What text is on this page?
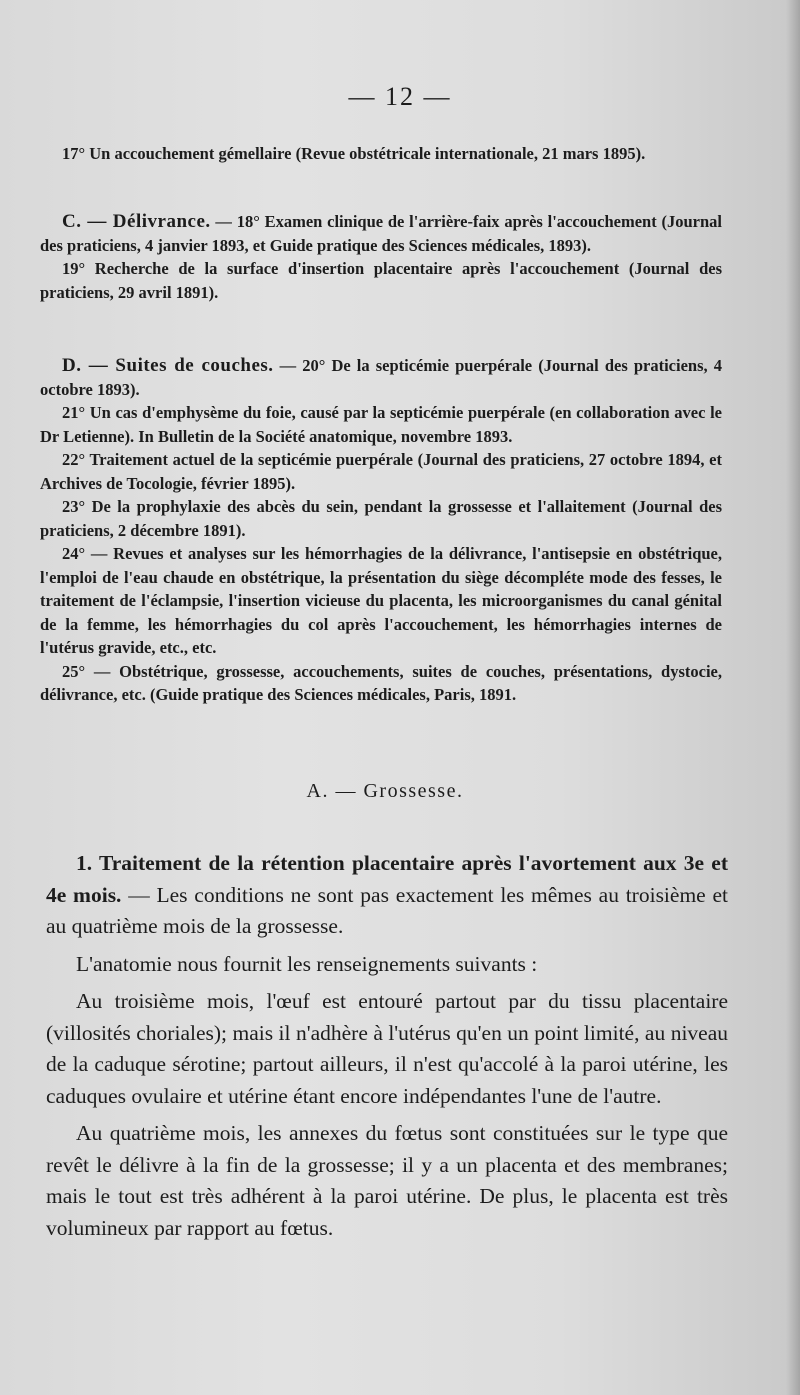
— 12 —

17° Un accouchement gémellaire (Revue obstétricale internationale, 21 mars 1895).

C. — Délivrance. — 18° Examen clinique de l'arrière-faix après l'accouchement (Journal des praticiens, 4 janvier 1893, et Guide pratique des Sciences médicales, 1893).

19° Recherche de la surface d'insertion placentaire après l'accouchement (Journal des praticiens, 29 avril 1891).

D. — Suites de couches. — 20° De la septicémie puerpérale (Journal des praticiens, 4 octobre 1893).

21° Un cas d'emphysème du foie, causé par la septicémie puerpérale (en collaboration avec le Dr Letienne). In Bulletin de la Société anatomique, novembre 1893.

22° Traitement actuel de la septicémie puerpérale (Journal des praticiens, 27 octobre 1894, et Archives de Tocologie, février 1895).

23° De la prophylaxie des abcès du sein, pendant la grossesse et l'allaitement (Journal des praticiens, 2 décembre 1891).

24° — Revues et analyses sur les hémorrhagies de la délivrance, l'antisepsie en obstétrique, l'emploi de l'eau chaude en obstétrique, la présentation du siège décompléte mode des fesses, le traitement de l'éclampsie, l'insertion vicieuse du placenta, les microorganismes du canal génital de la femme, les hémorrhagies du col après l'accouchement, les hémorrhagies internes de l'utérus gravide, etc., etc.

25° — Obstétrique, grossesse, accouchements, suites de couches, présentations, dystocie, délivrance, etc. (Guide pratique des Sciences médicales, Paris, 1891.

A. — Grossesse.

1. Traitement de la rétention placentaire après l'avortement aux 3e et 4e mois. — Les conditions ne sont pas exactement les mêmes au troisième et au quatrième mois de la grossesse.

L'anatomie nous fournit les renseignements suivants :

Au troisième mois, l'œuf est entouré partout par du tissu placentaire (villosités choriales); mais il n'adhère à l'utérus qu'en un point limité, au niveau de la caduque sérotine; partout ailleurs, il n'est qu'accolé à la paroi utérine, les caduques ovulaire et utérine étant encore indépendantes l'une de l'autre.

Au quatrième mois, les annexes du fœtus sont constituées sur le type que revêt le délivre à la fin de la grossesse; il y a un placenta et des membranes; mais le tout est très adhérent à la paroi utérine. De plus, le placenta est très volumineux par rapport au fœtus.
